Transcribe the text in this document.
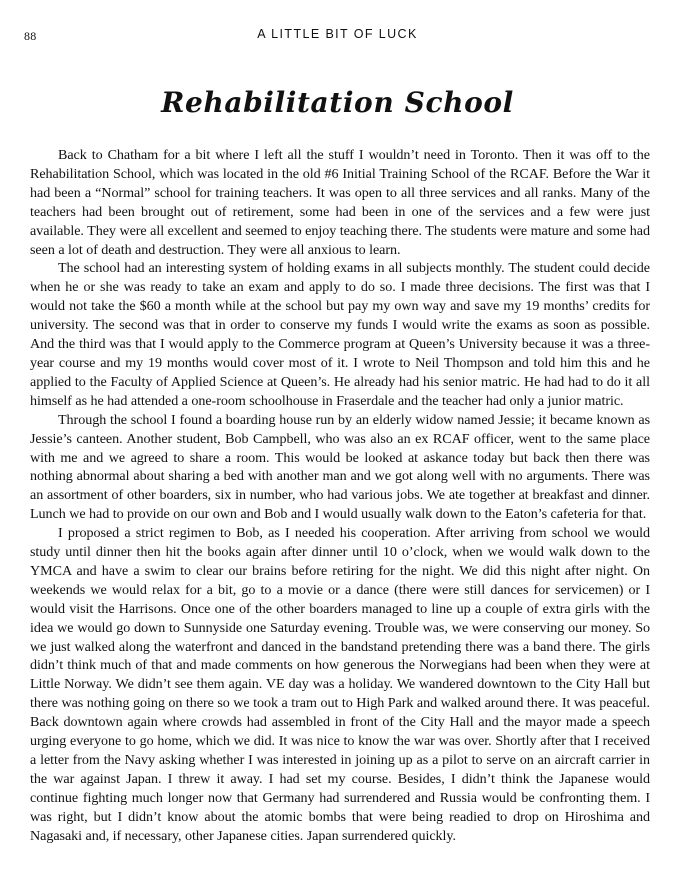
88	A LITTLE BIT OF LUCK
Rehabilitation School

Back to Chatham for a bit where I left all the stuff I wouldn’t need in Toronto. Then it was off to the Rehabilitation School, which was located in the old #6 Initial Training School of the RCAF. Before the War it had been a “Normal” school for training teachers. It was open to all three services and all ranks. Many of the teachers had been brought out of retirement, some had been in one of the services and a few were just available. They were all excellent and seemed to enjoy teaching there. The students were mature and some had seen a lot of death and destruction. They were all anxious to learn.

The school had an interesting system of holding exams in all subjects monthly. The student could decide when he or she was ready to take an exam and apply to do so. I made three decisions. The first was that I would not take the $60 a month while at the school but pay my own way and save my 19 months’ credits for university. The second was that in order to conserve my funds I would write the exams as soon as possible. And the third was that I would apply to the Commerce program at Queen’s University because it was a three-year course and my 19 months would cover most of it. I wrote to Neil Thompson and told him this and he applied to the Faculty of Applied Science at Queen’s. He already had his senior matric. He had had to do it all himself as he had attended a one-room schoolhouse in Fraserdale and the teacher had only a junior matric.

Through the school I found a boarding house run by an elderly widow named Jessie; it became known as Jessie’s canteen. Another student, Bob Campbell, who was also an ex RCAF officer, went to the same place with me and we agreed to share a room. This would be looked at askance today but back then there was nothing abnormal about sharing a bed with another man and we got along well with no arguments. There was an assortment of other boarders, six in number, who had various jobs. We ate together at breakfast and dinner. Lunch we had to provide on our own and Bob and I would usually walk down to the Eaton’s cafeteria for that.

I proposed a strict regimen to Bob, as I needed his cooperation. After arriving from school we would study until dinner then hit the books again after dinner until 10 o’clock, when we would walk down to the YMCA and have a swim to clear our brains before retiring for the night. We did this night after night. On weekends we would relax for a bit, go to a movie or a dance (there were still dances for servicemen) or I would visit the Harrisons. Once one of the other boarders managed to line up a couple of extra girls with the idea we would go down to Sunnyside one Saturday evening. Trouble was, we were conserving our money. So we just walked along the waterfront and danced in the bandstand pretending there was a band there. The girls didn’t think much of that and made comments on how generous the Norwegians had been when they were at Little Norway. We didn’t see them again. VE day was a holiday. We wandered downtown to the City Hall but there was nothing going on there so we took a tram out to High Park and walked around there. It was peaceful. Back downtown again where crowds had assembled in front of the City Hall and the mayor made a speech urging everyone to go home, which we did. It was nice to know the war was over. Shortly after that I received a letter from the Navy asking whether I was interested in joining up as a pilot to serve on an aircraft carrier in the war against Japan. I threw it away. I had set my course. Besides, I didn’t think the Japanese would continue fighting much longer now that Germany had surrendered and Russia would be confronting them. I was right, but I didn’t know about the atomic bombs that were being readied to drop on Hiroshima and Nagasaki and, if necessary, other Japanese cities. Japan surrendered quickly.
